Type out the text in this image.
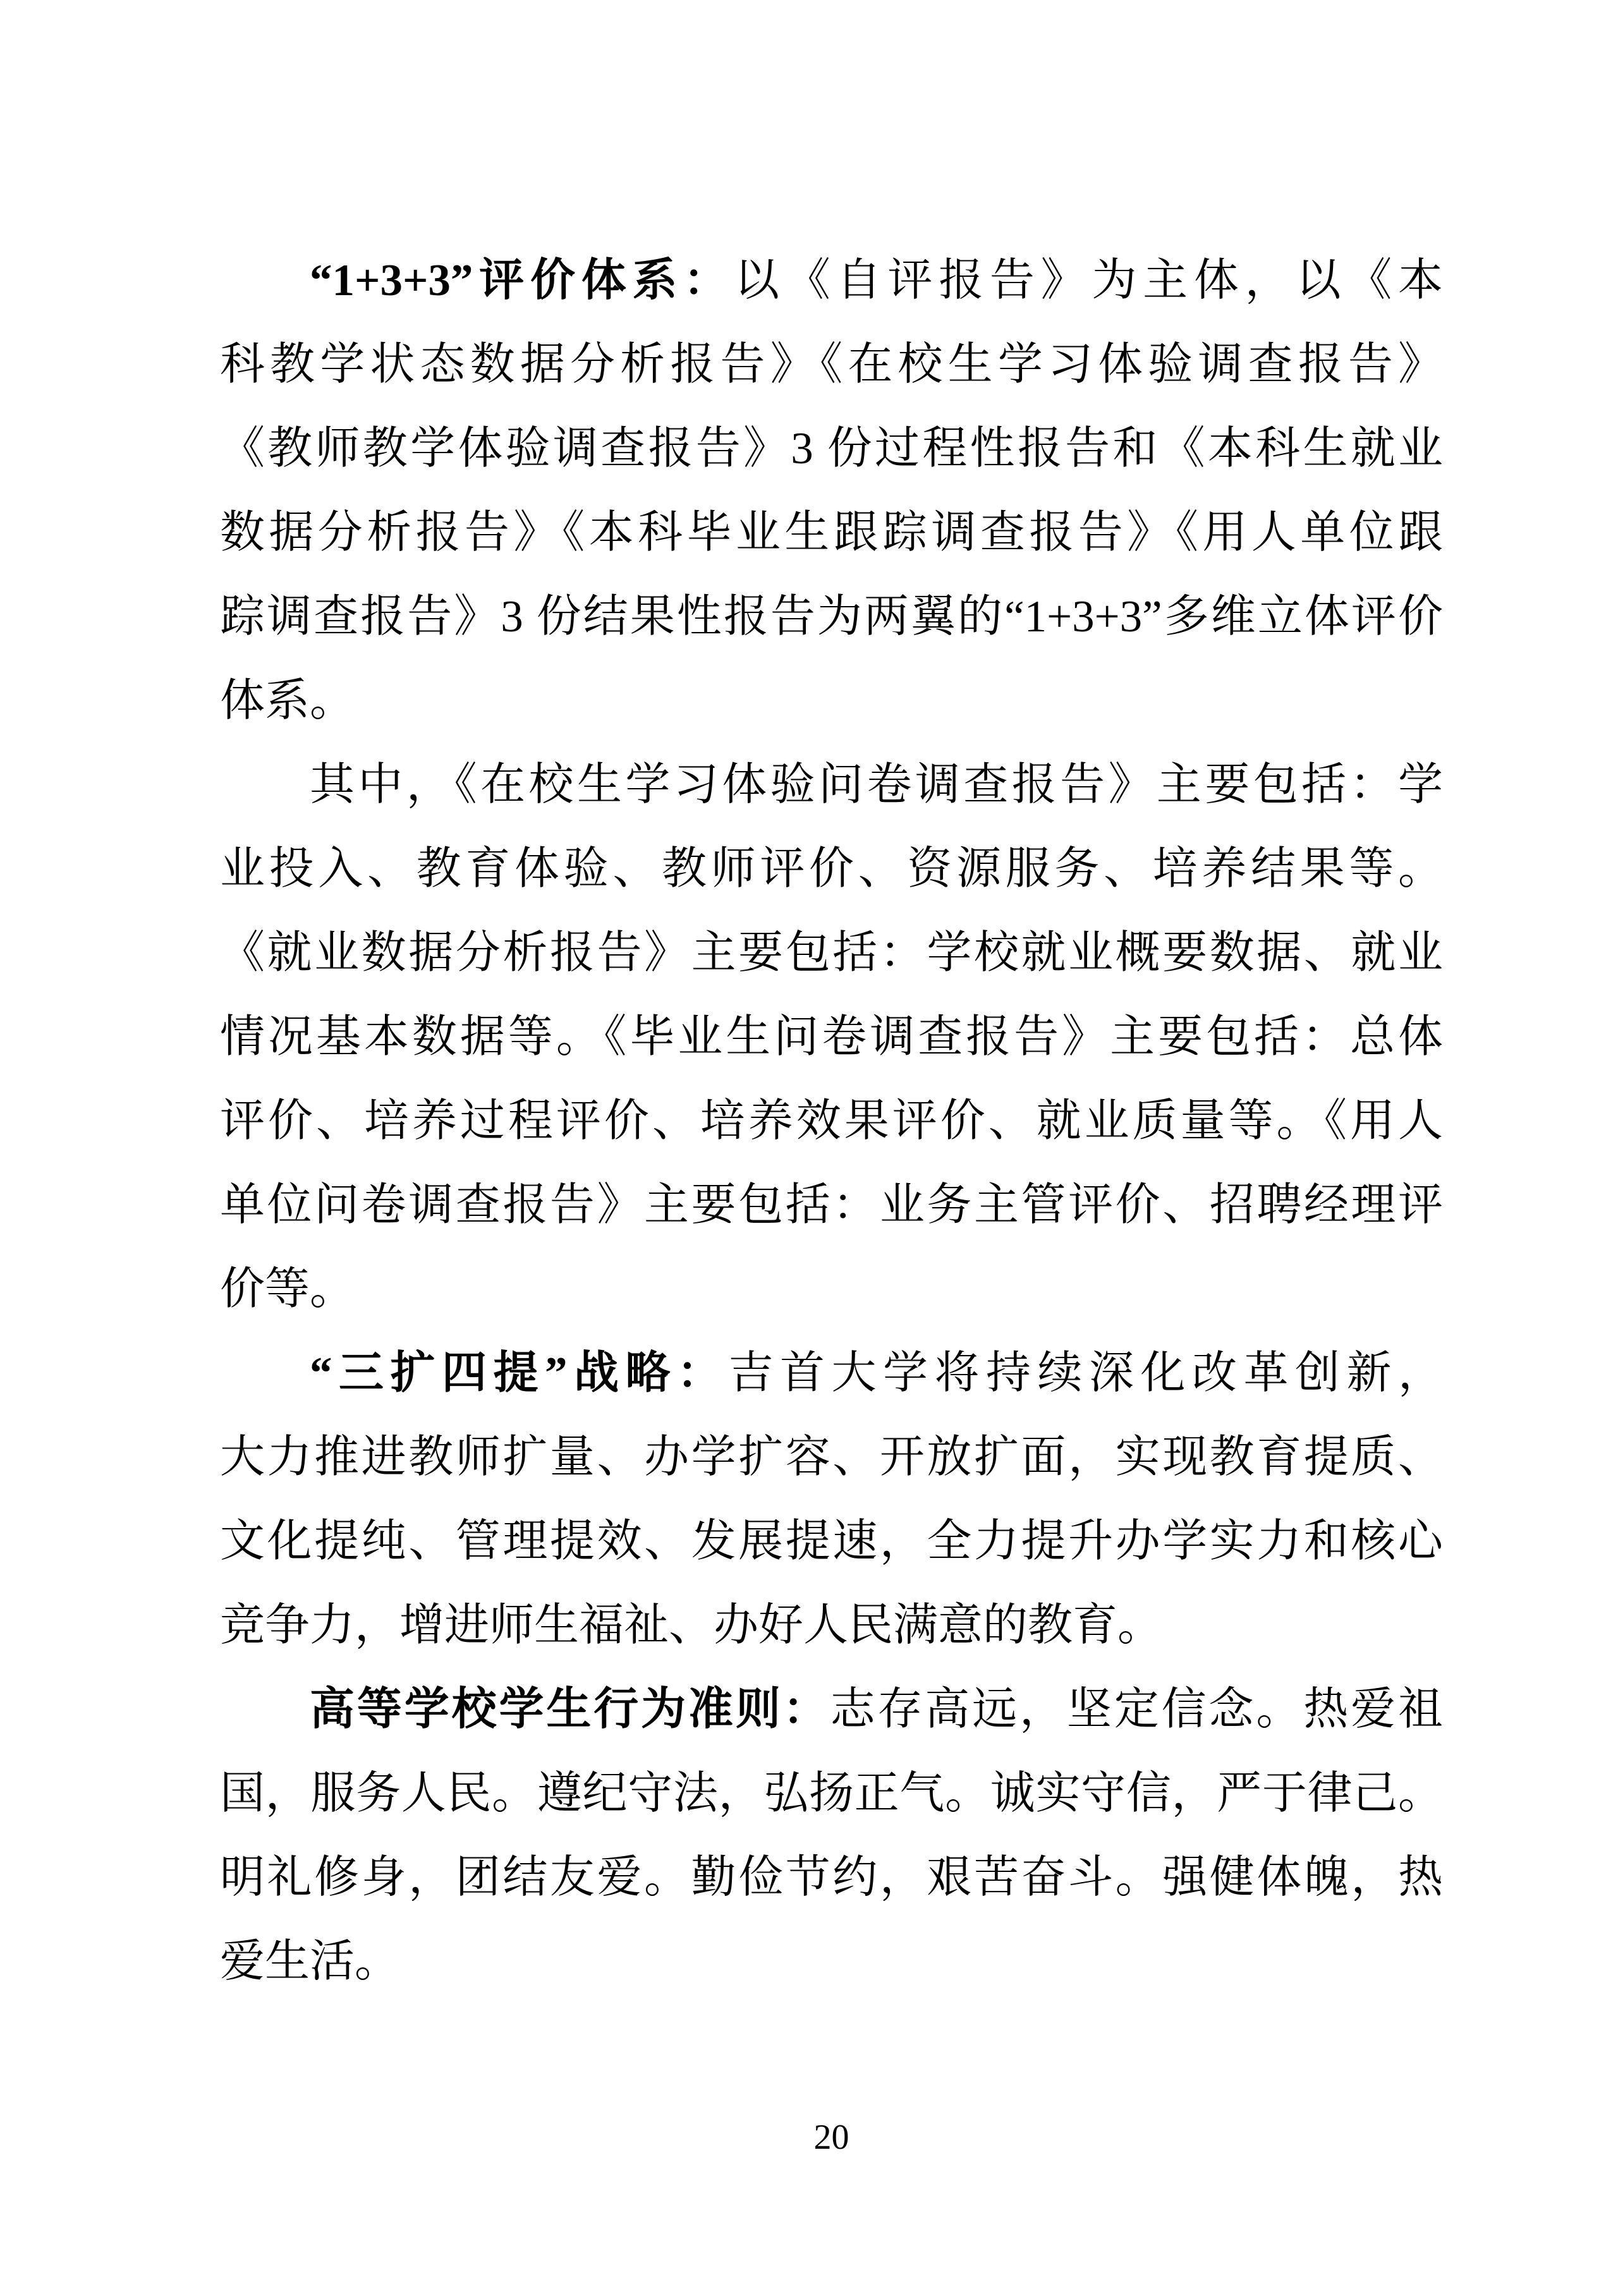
“1+3+3”评价体系：以《自评报告》为主体，以《本
科教学状态数据分析报告》《在校生学习体验调查报告》
《教师教学体验调查报告》3 份过程性报告和《本科生就业
数据分析报告》《本科毕业生跟踪调查报告》《用人单位跟
踪调查报告》3 份结果性报告为两翼的“1+3+3”多维立体评价
体系。
其中，《在校生学习体验问卷调查报告》主要包括：学
业投入、教育体验、教师评价、资源服务、培养结果等。
《就业数据分析报告》主要包括：学校就业概要数据、就业
情况基本数据等。《毕业生问卷调查报告》主要包括：总体
评价、培养过程评价、培养效果评价、就业质量等。《用人
单位问卷调查报告》主要包括：业务主管评价、招聘经理评
价等。
“三扩四提”战略：吉首大学将持续深化改革创新，
大力推进教师扩量、办学扩容、开放扩面，实现教育提质、
文化提纯、管理提效、发展提速，全力提升办学实力和核心
竞争力，增进师生福祉、办好人民满意的教育。
高等学校学生行为准则：志存高远，坚定信念。热爱祖
国，服务人民。遵纪守法，弘扬正气。诚实守信，严于律己。
明礼修身，团结友爱。勤俭节约，艰苦奋斗。强健体魄，热
爱生活。
20
